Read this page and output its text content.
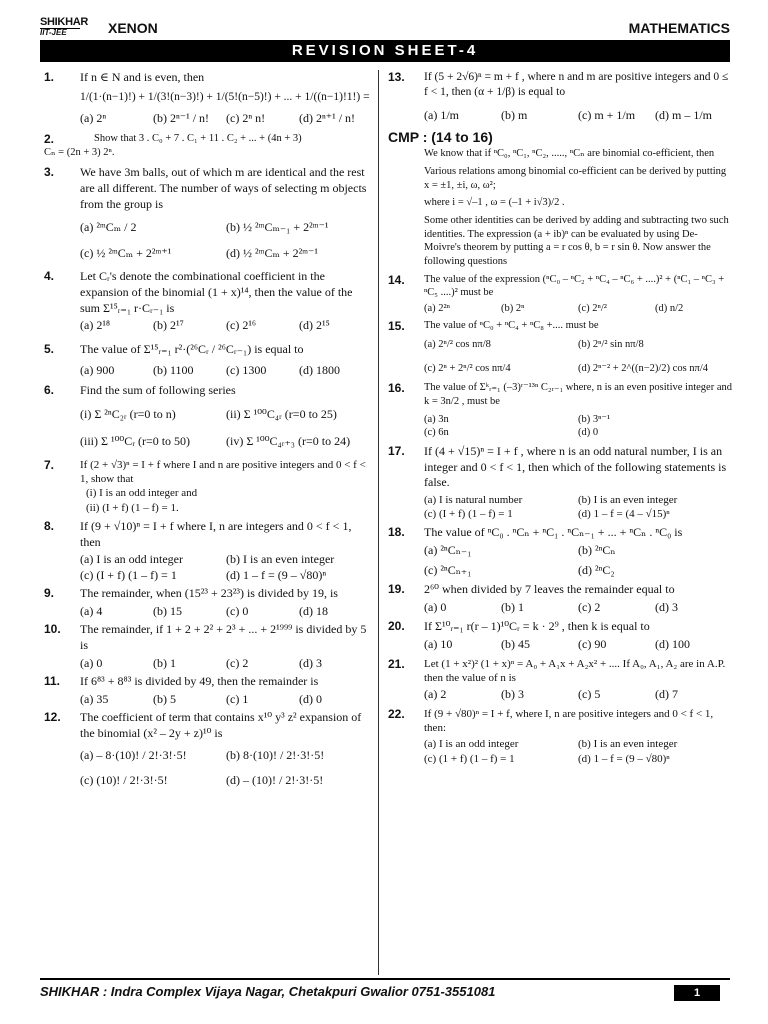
SHIKHAR
IIT-JEE	XENON	MATHEMATICS
REVISION SHEET-4
1. If n ∈ N and is even, then
1/(1·(n−1)!) + 1/(3!(n−3)!) + 1/(5!(n−5)!) + ... + 1/((n−1)!1!) =
(a) 2ⁿ	(b) 2ⁿ⁻¹ / n!	(c) 2ⁿ n!	(d) 2ⁿ⁺¹ / n!
2.	Show that 3 . C₀ + 7 . C₁ + 11 . C₂ + ... + (4n + 3)
Cₙ = (2n + 3) 2ⁿ.
3. We have 3m balls, out of which m are identical and the rest are all different. The number of ways of selecting m objects from the group is
(a) ²ᵐCₘ / 2	(b) ½ ²ᵐCₘ₋₁ + 2²ᵐ⁻¹
(c) ½ ²ᵐCₘ + 2²ᵐ⁺¹	(d) ½ ²ᵐCₘ + 2²ᵐ⁻¹
4. Let Cᵣ's denote the combinational coefficient in the expansion of the binomial (1 + x)¹⁴, then the value of the sum Σ¹⁵ᵣ₌₁ r·Cᵣ₋₁ is
(a) 2¹⁸	(b) 2¹⁷	(c) 2¹⁶	(d) 2¹⁵
5. The value of Σ¹⁵ᵣ₌₁ r²·(²⁶Cᵣ / ²⁶Cᵣ₋₁) is equal to
(a) 900	(b) 1100	(c) 1300	(d) 1800
6. Find the sum of following series
(i) Σ ²ⁿC₂ᵣ (r=0 to n)	(ii) Σ ¹⁰⁰C₄ᵣ (r=0 to 25)
(iii) Σ ¹⁰⁰Cᵣ (r=0 to 50)	(iv) Σ ¹⁰⁰C₄ᵣ₊₃ (r=0 to 24)
7. If (2 + √3)ⁿ = I + f where I and n are positive integers and 0 < f < 1, show that
(i) I is an odd integer and
(ii) (I + f) (1 – f) = 1.
8. If (9 + √10)ⁿ = I + f where I, n are integers and 0 < f < 1, then
(a) I is an odd integer	(b) I is an even integer
(c) (I + f) (1 – f) = 1	(d) 1 – f = (9 – √80)ⁿ
9. The remainder, when (15²³ + 23²³) is divided by 19, is
(a) 4	(b) 15	(c) 0	(d) 18
10. The remainder, if 1 + 2 + 2² + 2³ + ... + 2¹⁹⁹⁹ is divided by 5 is
(a) 0	(b) 1	(c) 2	(d) 3
11. If 6⁸³ + 8⁸³ is divided by 49, then the remainder is
(a) 35	(b) 5	(c) 1	(d) 0
12. The coefficient of term that contains x¹⁰ y³ z² expansion of the binomial (x² – 2y + z)¹⁰ is
(a) – 8·(10)! / 2!·3!·5!	(b) 8·(10)! / 2!·3!·5!
(c) (10)! / 2!·3!·5!	(d) – (10)! / 2!·3!·5!
13. If (5 + 2√6)ⁿ = m + f , where n and m are positive integers and 0 ≤ f < 1, then (α + 1/β) is equal to
(a) 1/m	(b) m	(c) m + 1/m	(d) m – 1/m
CMP : (14 to 16)
We know that if ⁿC₀, ⁿC₁, ⁿC₂, ....., ⁿCₙ are binomial co-efficient, then
Various relations among binomial co-efficient can be derived by putting x = ±1, ±i, ω, ω²;
where i = √–1 , ω = (–1 + i√3)/2 .
Some other identities can be derived by adding and subtracting two such identities. The expression (a + ib)ⁿ can be evaluated by using De-Moivre's theorem by putting a = r cos θ, b = r sin θ. Now answer the following questions
14. The value of the expression (ⁿC₀ – ⁿC₂ + ⁿC₄ – ⁿC₆ + ....)² + (ⁿC₁ – ⁿC₃ + ⁿC₅ ....)² must be
(a) 2²ⁿ	(b) 2ⁿ	(c) 2ⁿ/²	(d) n/2
15. The value of ⁿC₀ + ⁿC₄ + ⁿC₈ +.... must be
(a) 2ⁿ/² cos nπ/8	(b) 2ⁿ/² sin nπ/8
(c) 2ⁿ + 2ⁿ/² cos nπ/4	(d) 2ⁿ⁻² + 2^((n−2)/2) cos nπ/4
16. The value of Σᵏᵣ₌₁ (–3)ʳ⁻¹³ⁿ C₂ᵣ₋₁ where, n is an even positive integer and k = 3n/2 , must be
(a) 3n	(b) 3ⁿ⁻¹
(c) 6n	(d) 0
17. If (4 + √15)ⁿ = I + f , where n is an odd natural number, I is an integer and 0 < f < 1, then which of the following statements is false.
(a) I is natural number	(b) I is an even integer
(c) (I + f) (1 – f) = 1	(d) 1 – f = (4 – √15)ⁿ
18. The value of ⁿC₀ . ⁿCₙ + ⁿC₁ . ⁿCₙ₋₁ + ... + ⁿCₙ . ⁿC₀ is
(a) ²ⁿCₙ₋₁	(b) ²ⁿCₙ
(c) ²ⁿCₙ₊₁	(d) ²ⁿC₂
19. 2⁶⁰ when divided by 7 leaves the remainder equal to
(a) 0	(b) 1	(c) 2	(d) 3
20. If Σ¹⁰ᵣ₌₁ r(r – 1)¹⁰Cᵣ = k · 2⁹ , then k is equal to
(a) 10	(b) 45	(c) 90	(d) 100
21. Let (1 + x²)² (1 + x)ⁿ = A₀ + A₁x + A₂x² + .... If A₀, A₁, A₂ are in A.P. then the value of n is
(a) 2	(b) 3	(c) 5	(d) 7
22. If (9 + √80)ⁿ = I + f, where I, n are positive integers and 0 < f < 1, then:
(a) I is an odd integer	(b) I is an even integer
(c) (1 + f) (1 – f) = 1	(d) 1 – f = (9 – √80)ⁿ
SHIKHAR : Indra Complex Vijaya Nagar, Chetakpuri Gwalior 0751-3551081	1
